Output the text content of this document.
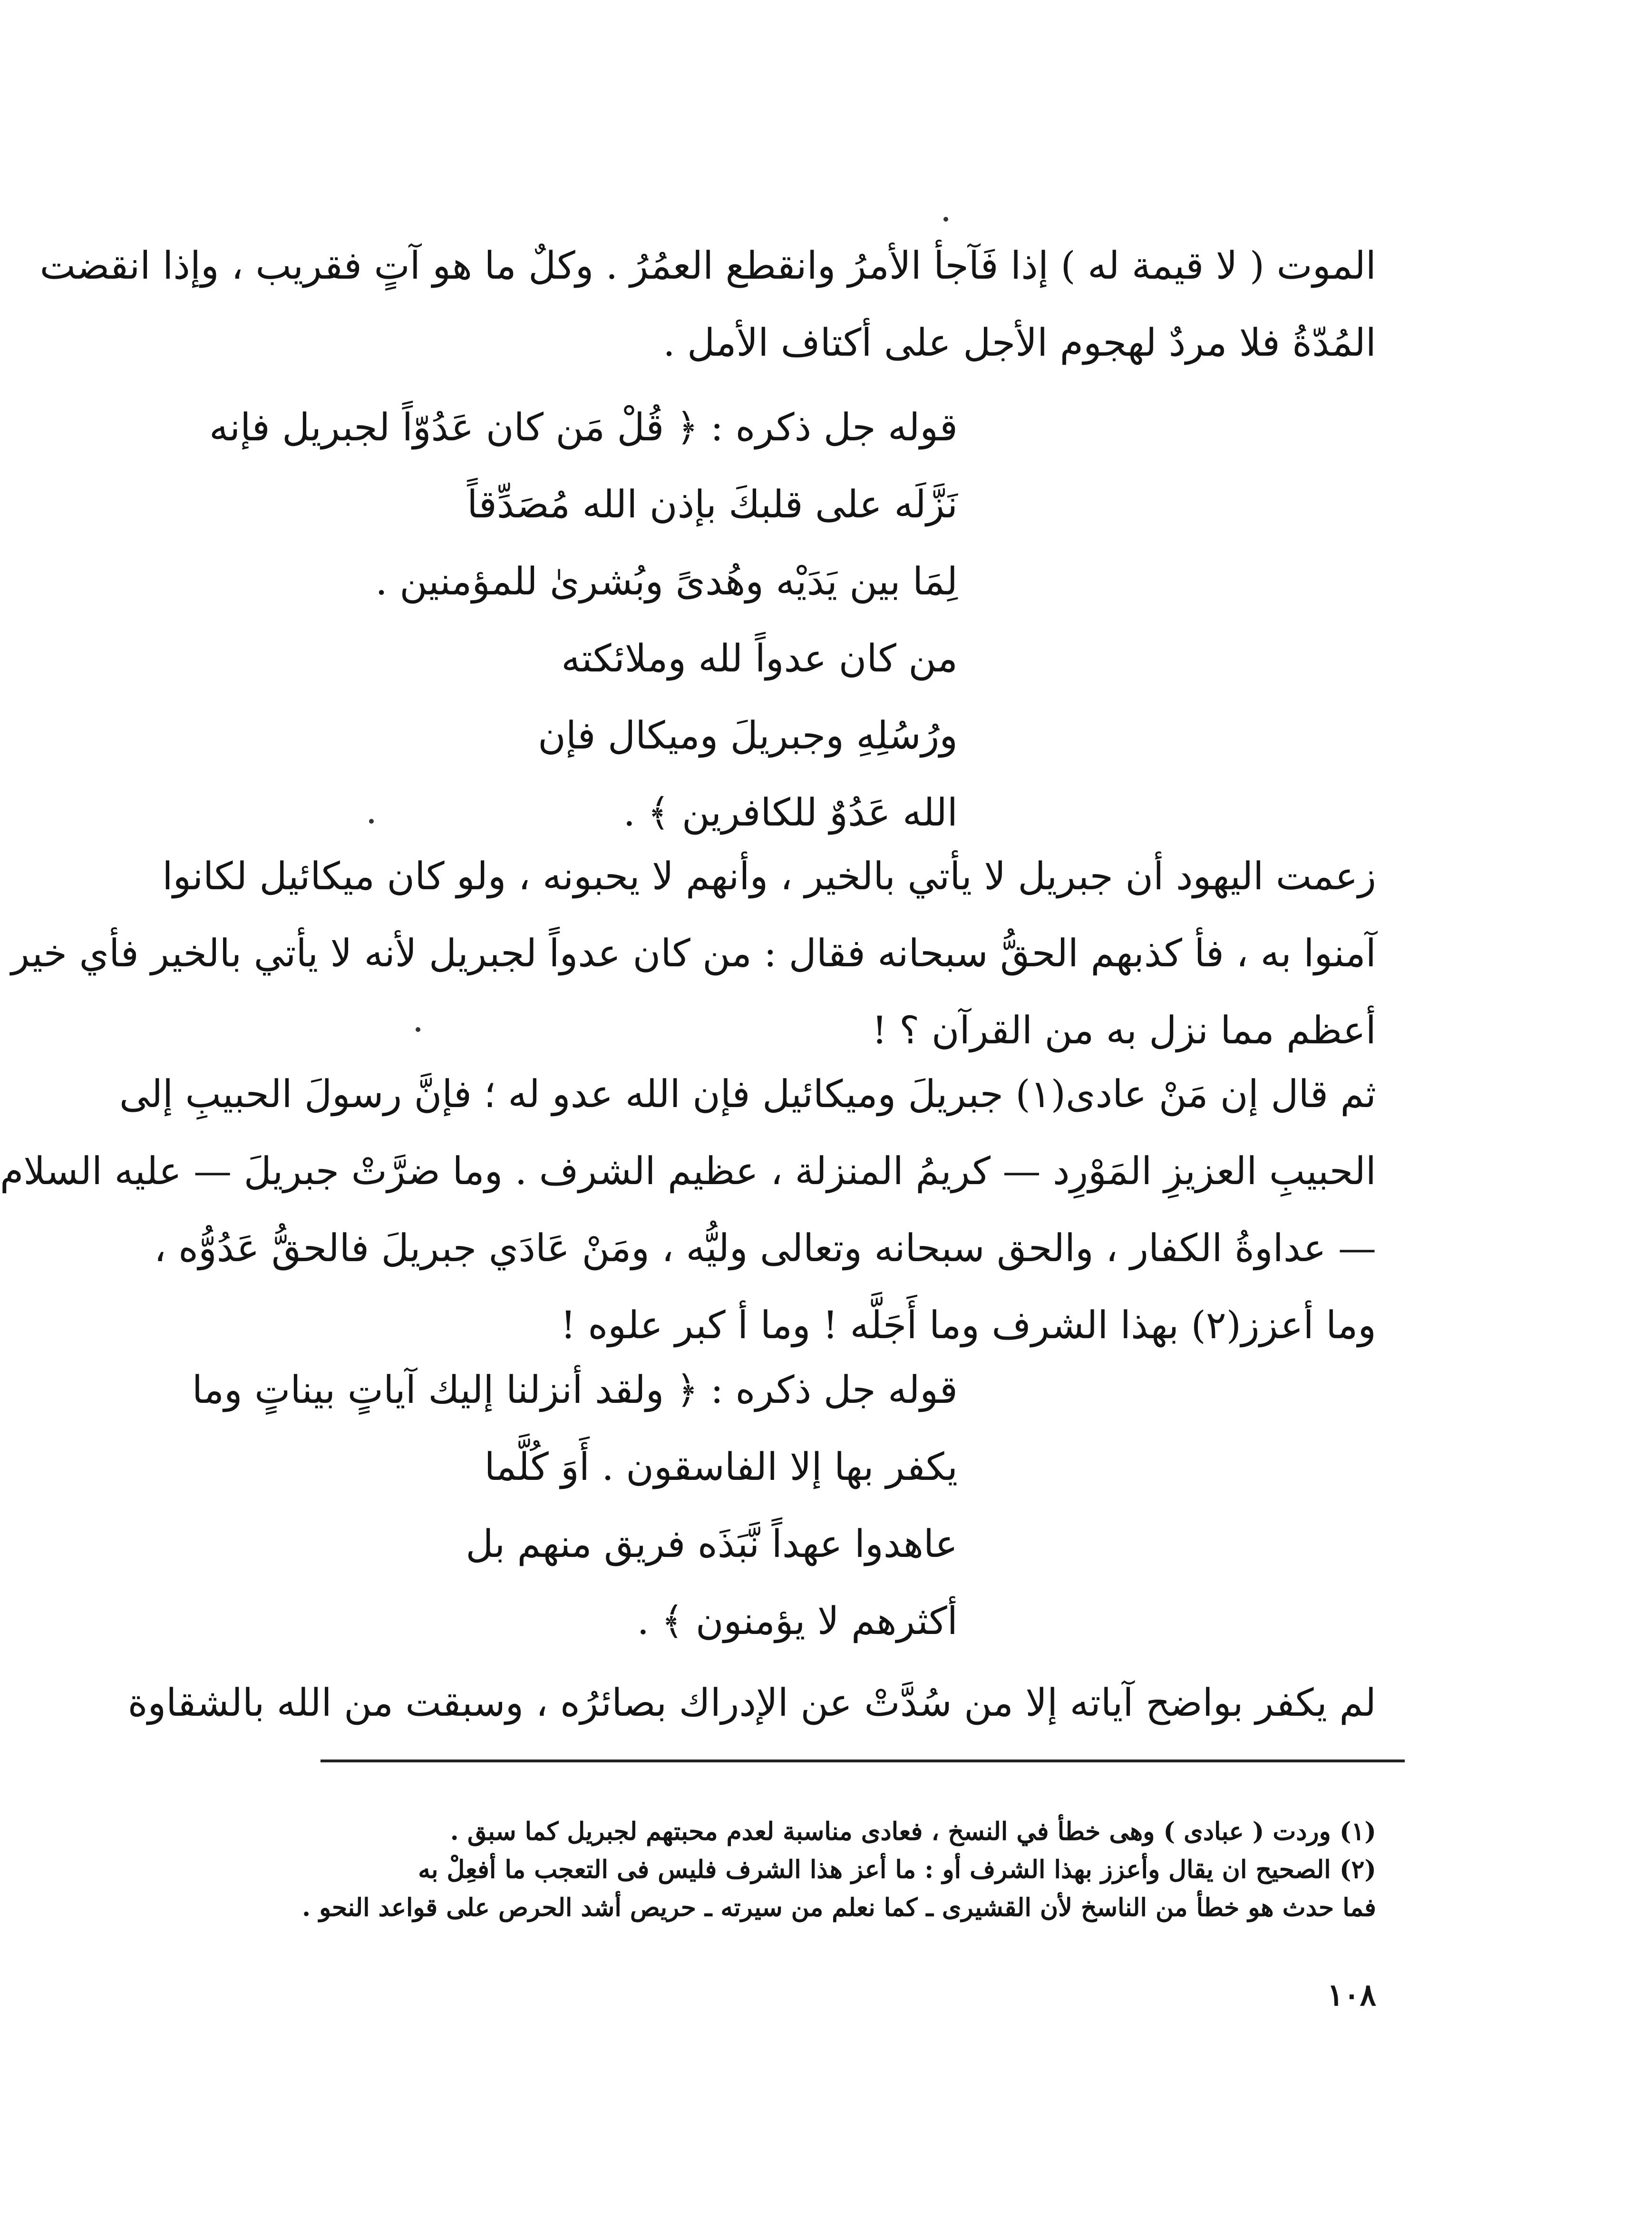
الموت ( لا قيمة له ) إذا فَآجأ الأمرُ وانقطع العمُرُ . وكلٌ ما هو آتٍ فقريب ، وإذا انقضت
المُدّةُ فلا مردٌ لهجوم الأجل على أكتاف الأمل .
قوله جل ذكره : ﴿ قُلْ مَن كان عَدُوّاً لجبريل فإنه
نَزَّلَه على قلبكَ بإذن الله مُصَدِّقاً
لِمَا بين يَدَيْه وهُدىً وبُشرىٰ للمؤمنين .
من كان عدواً لله وملائكته
ورُسُلِهِ وجبريلَ وميكال فإن
الله عَدُوٌ للكافرين ﴾ .
زعمت اليهود أن جبريل لا يأتي بالخير ، وأنهم لا يحبونه ، ولو كان ميكائيل لكانوا
آمنوا به ، فأ كذبهم الحقُّ سبحانه فقال : من كان عدواً لجبريل لأنه لا يأتي بالخير فأي خير
أعظم مما نزل به من القرآن ؟ !
ثم قال إن مَنْ عادى(١) جبريلَ وميكائيل فإن الله عدو له ؛ فإنَّ رسولَ الحبيبِ إلى
الحبيبِ العزيزِ المَوْرِد — كريمُ المنزلة ، عظيم الشرف . وما ضرَّتْ جبريلَ — عليه السلام
— عداوةُ الكفار ، والحق سبحانه وتعالى وليُّه ، ومَنْ عَادَي جبريلَ فالحقُّ عَدُوُّه ،
وما أعزز(٢) بهذا الشرف وما أَجَلَّه ! وما أ كبر علوه !
قوله جل ذكره : ﴿ ولقد أنزلنا إليك آياتٍ بيناتٍ وما
يكفر بها إلا الفاسقون . أَوَ كُلَّما
عاهدوا عهداً نَّبَذَه فريق منهم بل
أكثرهم لا يؤمنون ﴾ .
لم يكفر بواضح آياته إلا من سُدَّتْ عن الإدراك بصائرُه ، وسبقت من الله بالشقاوة
(١) وردت ( عبادى ) وهى خطأ في النسخ ، فعادى مناسبة لعدم محبتهم لجبريل كما سبق .
(٢) الصحيح ان يقال وأعزز بهذا الشرف أو : ما أعز هذا الشرف فليس فى التعجب ما أفعِلْ به
فما حدث هو خطأ من الناسخ لأن القشيرى ـ كما نعلم من سيرته ـ حريص أشد الحرص على قواعد النحو .
١٠٨
